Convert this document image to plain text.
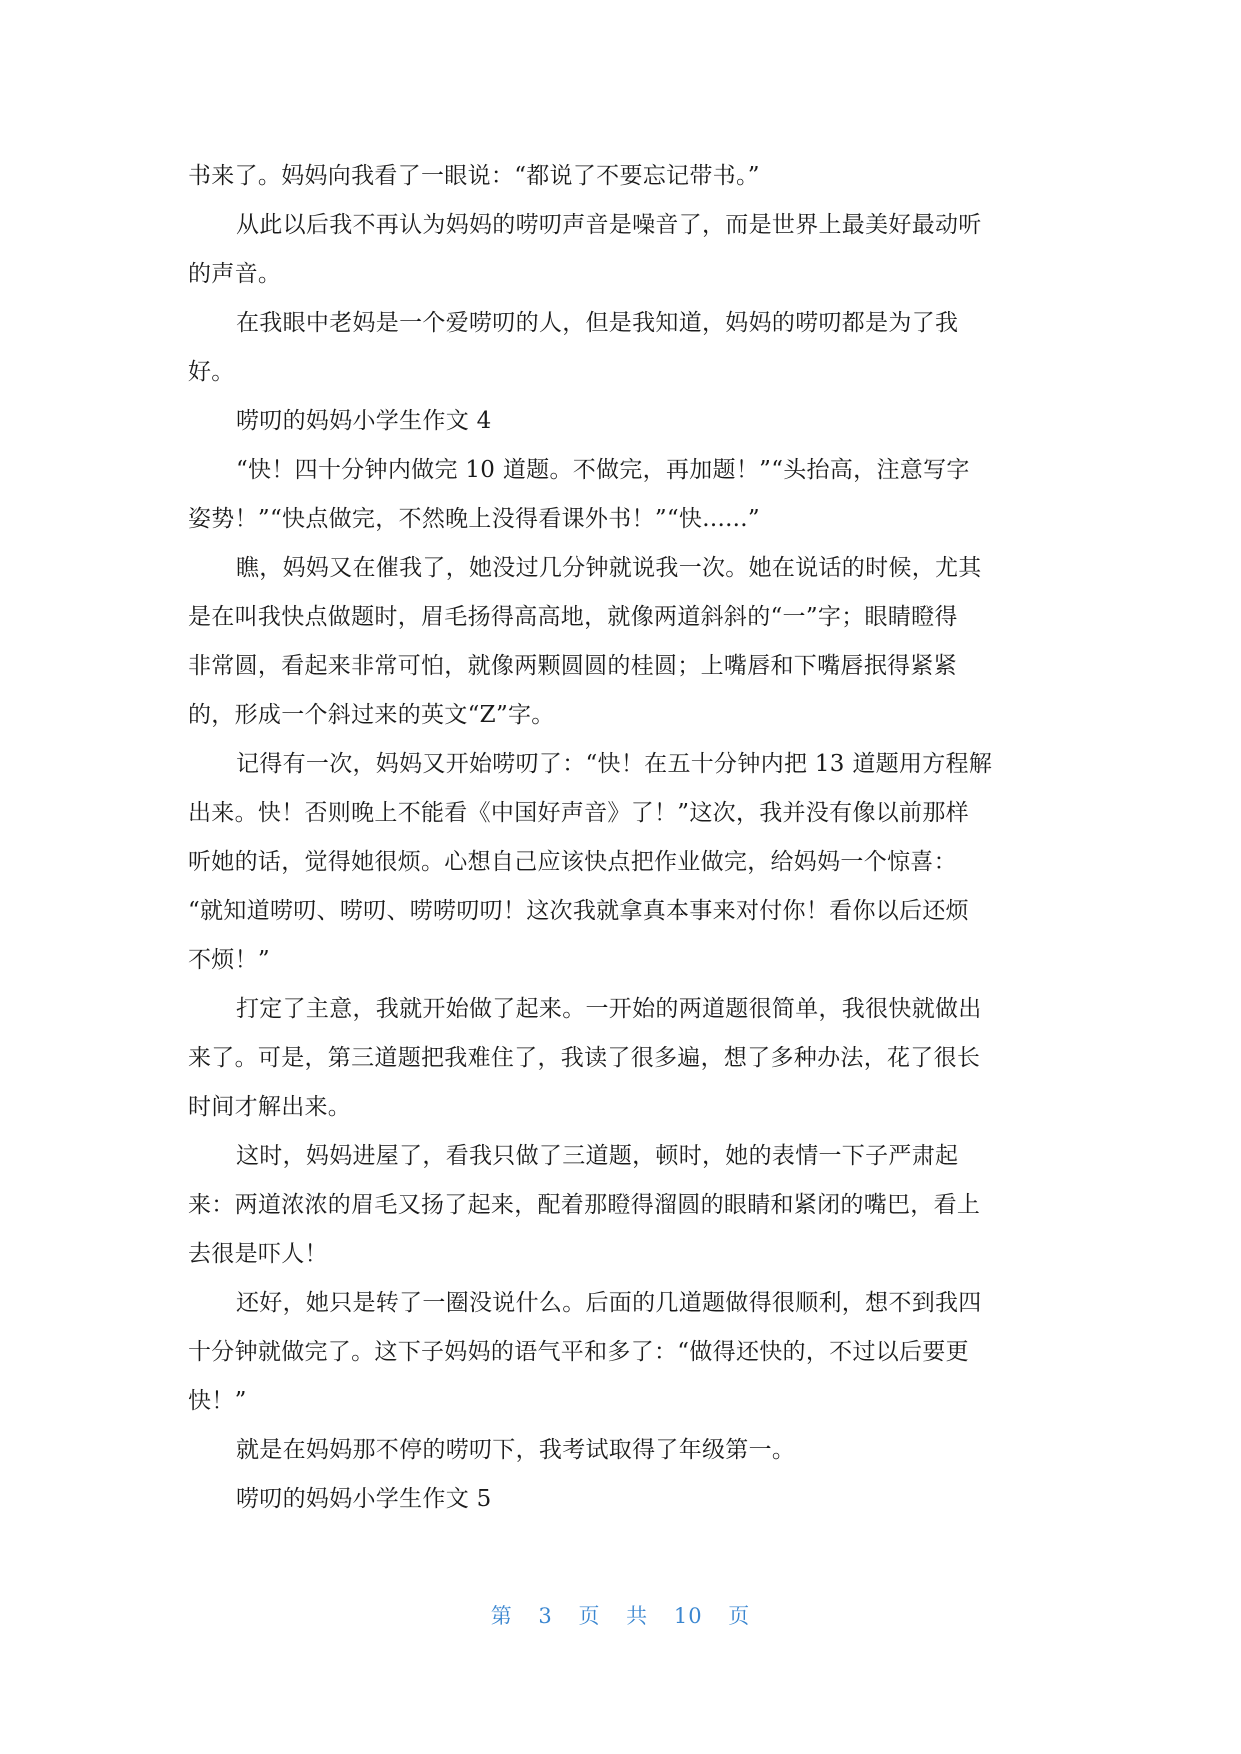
书来了。妈妈向我看了一眼说：“都说了不要忘记带书。”
从此以后我不再认为妈妈的唠叨声音是噪音了，而是世界上最美好最动听
的声音。
在我眼中老妈是一个爱唠叨的人，但是我知道，妈妈的唠叨都是为了我
好。
唠叨的妈妈小学生作文 4
“快！四十分钟内做完 10 道题。不做完，再加题！”“头抬高，注意写字
姿势！”“快点做完，不然晚上没得看课外书！”“快......”
瞧，妈妈又在催我了，她没过几分钟就说我一次。她在说话的时候，尤其
是在叫我快点做题时，眉毛扬得高高地，就像两道斜斜的“一”字；眼睛瞪得
非常圆，看起来非常可怕，就像两颗圆圆的桂圆；上嘴唇和下嘴唇抿得紧紧
的，形成一个斜过来的英文“Z”字。
记得有一次，妈妈又开始唠叨了：“快！在五十分钟内把 13 道题用方程解
出来。快！否则晚上不能看《中国好声音》了！”这次，我并没有像以前那样
听她的话，觉得她很烦。心想自己应该快点把作业做完，给妈妈一个惊喜：
“就知道唠叨、唠叨、唠唠叨叨！这次我就拿真本事来对付你！看你以后还烦
不烦！”
打定了主意，我就开始做了起来。一开始的两道题很简单，我很快就做出
来了。可是，第三道题把我难住了，我读了很多遍，想了多种办法，花了很长
时间才解出来。
这时，妈妈进屋了，看我只做了三道题，顿时，她的表情一下子严肃起
来：两道浓浓的眉毛又扬了起来，配着那瞪得溜圆的眼睛和紧闭的嘴巴，看上
去很是吓人！
还好，她只是转了一圈没说什么。后面的几道题做得很顺利，想不到我四
十分钟就做完了。这下子妈妈的语气平和多了：“做得还快的，不过以后要更
快！”
就是在妈妈那不停的唠叨下，我考试取得了年级第一。
唠叨的妈妈小学生作文 5
第 3 页 共 10 页
